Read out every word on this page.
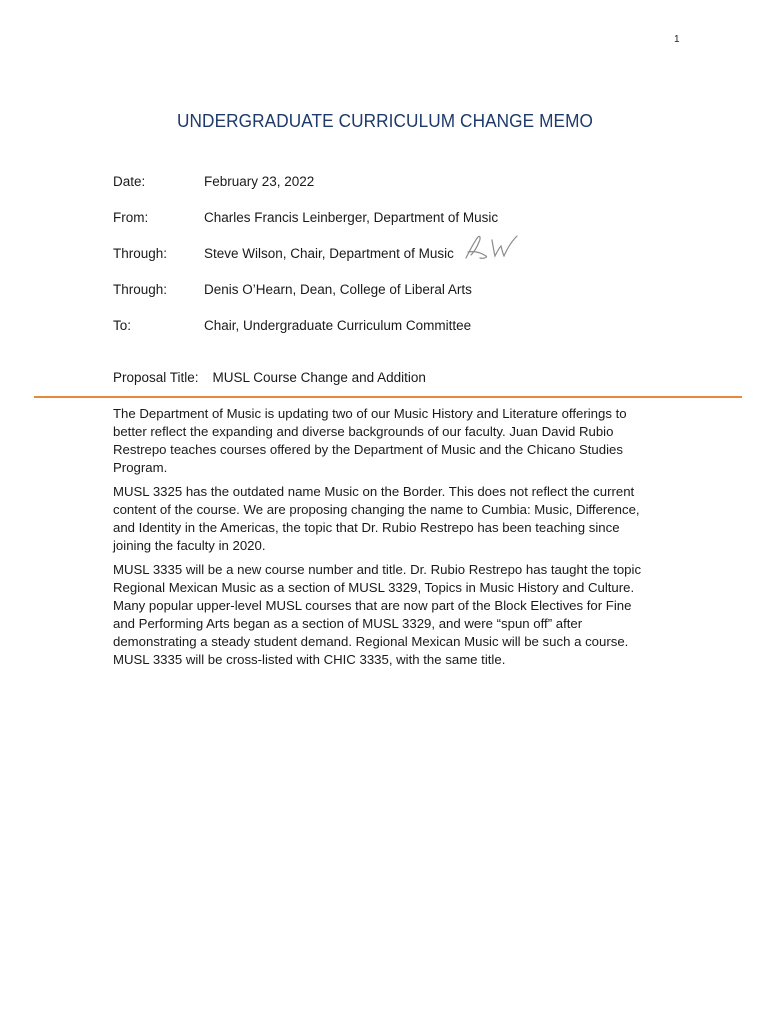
1
UNDERGRADUATE CURRICULUM CHANGE MEMO
Date:	February 23, 2022
From:	Charles Francis Leinberger, Department of Music
Through:	Steve Wilson, Chair, Department of Music
Through:	Denis O’Hearn, Dean, College of Liberal Arts
To:	Chair, Undergraduate Curriculum Committee
Proposal Title: MUSL Course Change and Addition

The Department of Music is updating two of our Music History and Literature offerings to better reflect the expanding and diverse backgrounds of our faculty. Juan David Rubio Restrepo teaches courses offered by the Department of Music and the Chicano Studies Program.

MUSL 3325 has the outdated name Music on the Border. This does not reflect the current content of the course. We are proposing changing the name to Cumbia: Music, Difference, and Identity in the Americas, the topic that Dr. Rubio Restrepo has been teaching since joining the faculty in 2020.

MUSL 3335 will be a new course number and title. Dr. Rubio Restrepo has taught the topic Regional Mexican Music as a section of MUSL 3329, Topics in Music History and Culture. Many popular upper-level MUSL courses that are now part of the Block Electives for Fine and Performing Arts began as a section of MUSL 3329, and were “spun off” after demonstrating a steady student demand. Regional Mexican Music will be such a course. MUSL 3335 will be cross-listed with CHIC 3335, with the same title.
